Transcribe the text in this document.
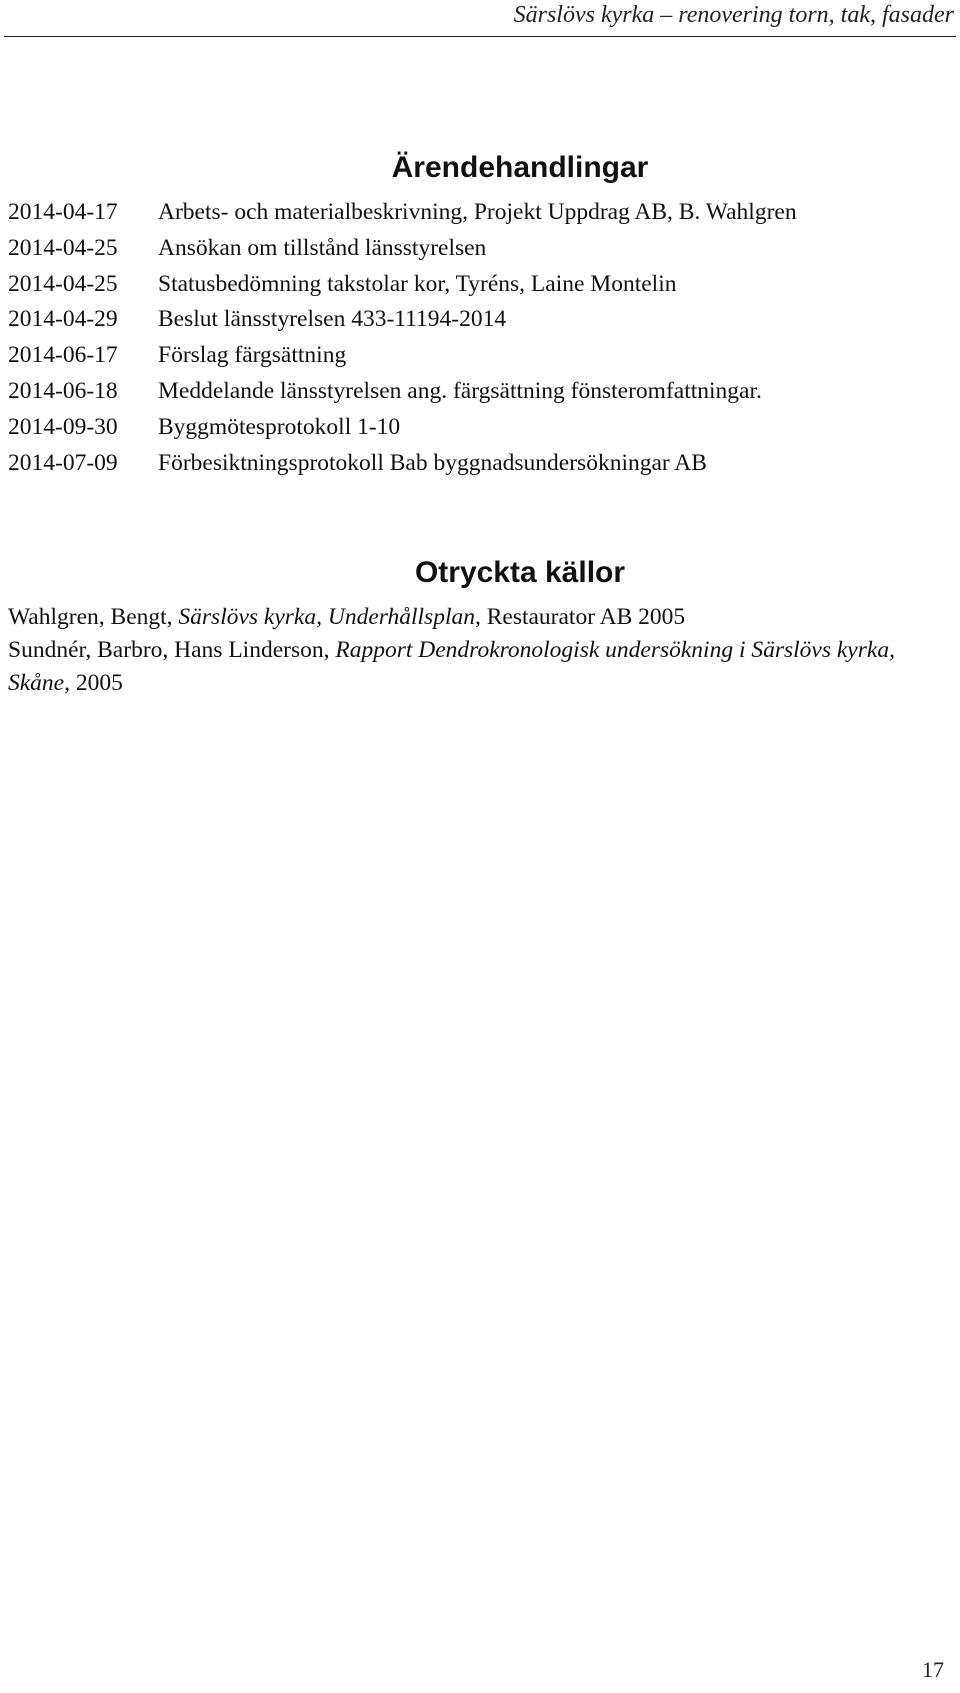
Särslövs kyrka – renovering torn, tak, fasader
Ärendehandlingar
2014-04-17	Arbets- och materialbeskrivning, Projekt Uppdrag AB, B. Wahlgren
2014-04-25	Ansökan om tillstånd länsstyrelsen
2014-04-25	Statusbedömning takstolar kor, Tyréns, Laine Montelin
2014-04-29	Beslut länsstyrelsen 433-11194-2014
2014-06-17	Förslag färgsättning
2014-06-18	Meddelande länsstyrelsen ang. färgsättning fönsteromfattningar.
2014-09-30	Byggmötesprotokoll 1-10
2014-07-09	Förbesiktningsprotokoll Bab byggnadsundersökningar AB
Otryckta källor
Wahlgren, Bengt, Särslövs kyrka, Underhållsplan, Restaurator AB 2005
Sundnér, Barbro, Hans Linderson, Rapport Dendrokronologisk undersökning i Särslövs kyrka, Skåne, 2005
17
